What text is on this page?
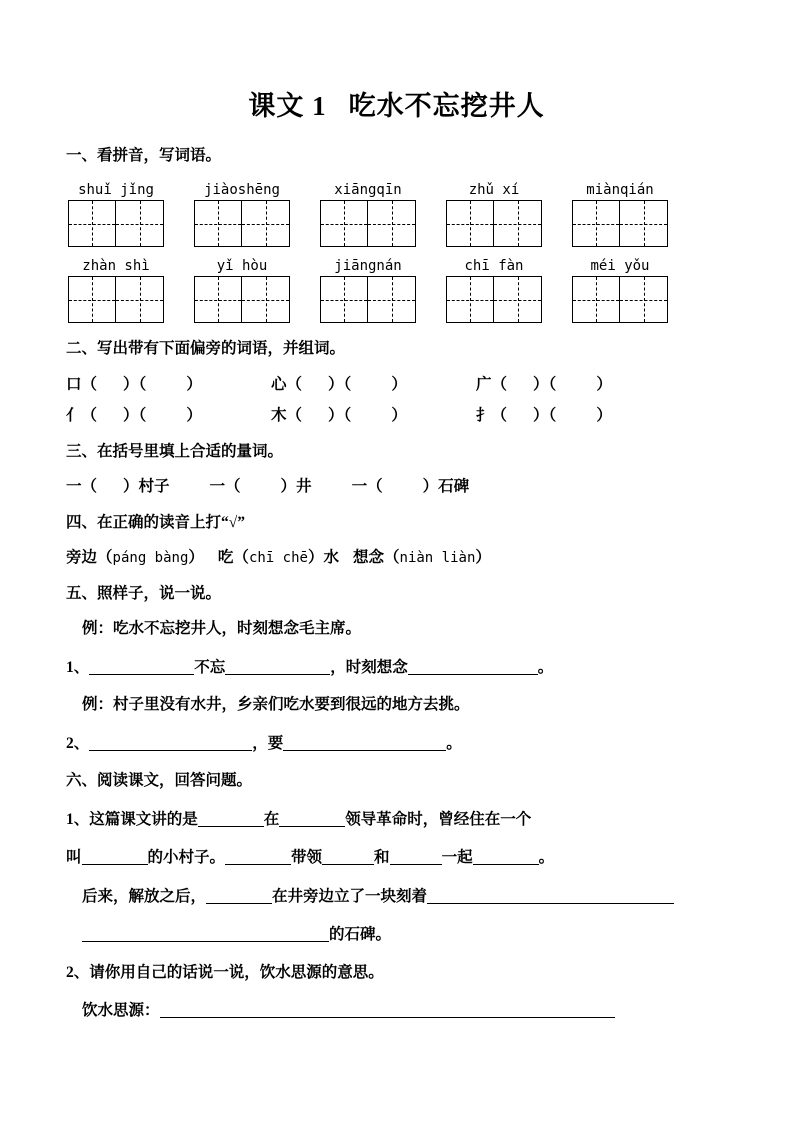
课文 1 吃水不忘挖井人
一、看拼音，写词语。
shuǐ jǐng	jiàoshēng	xiāngqīn	zhǔ xí	miànqián
zhàn shì	yǐ hòu	jiāngnán	chī fàn	méi yǒu
二、写出带有下面偏旁的词语，并组词。
口（ ）（	）	心（ ）（	）	广（ ）（	）
亻（ ）（	）	木（ ）（	）	扌（ ）（	）
三、在括号里填上合适的量词。
一（ ）村子	一（	）井	一（	）石碑
四、在正确的读音上打“√”
旁边（páng bàng） 吃（chī chē）水 想念（niàn liàn）
五、照样子，说一说。
例：吃水不忘挖井人，时刻想念毛主席。
1、	不忘	，时刻想念	。
例：村子里没有水井，乡亲们吃水要到很远的地方去挑。
2、	，要	。
六、阅读课文，回答问题。
1、这篇课文讲的是	在	领导革命时，曾经住在一个
叫	的小村子。	带领	和	一起	。
后来，解放之后，	在井旁边立了一块刻着
的石碑。
2、请你用自己的话说一说，饮水思源的意思。
饮水思源：
